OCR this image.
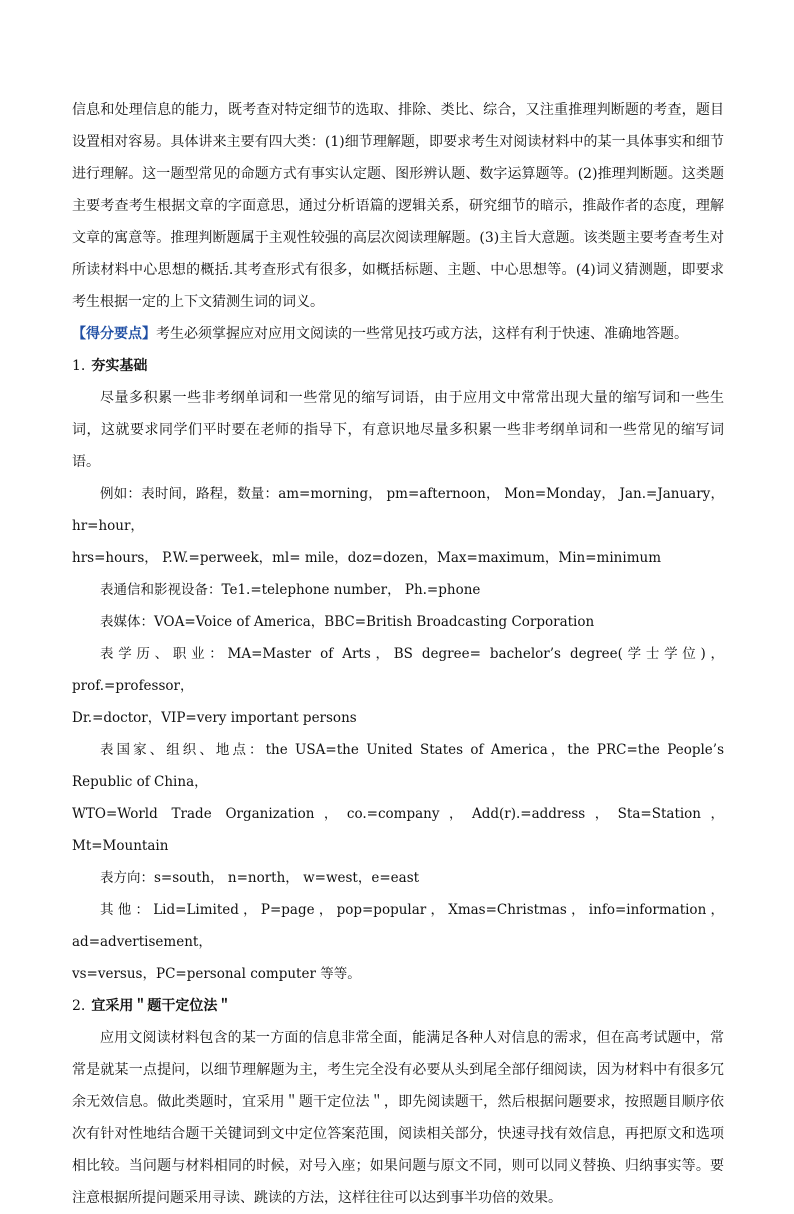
信息和处理信息的能力，既考查对特定细节的选取、排除、类比、综合，又注重推理判断题的考查，题目设置相对容易。具体讲来主要有四大类：(1)细节理解题，即要求考生对阅读材料中的某一具体事实和细节进行理解。这一题型常见的命题方式有事实认定题、图形辨认题、数字运算题等。(2)推理判断题。这类题主要考查考生根据文章的字面意思，通过分析语篇的逻辑关系，研究细节的暗示，推敲作者的态度，理解文章的寓意等。推理判断题属于主观性较强的高层次阅读理解题。(3)主旨大意题。该类题主要考查考生对所读材料中心思想的概括.其考查形式有很多，如概括标题、主题、中心思想等。(4)词义猜测题，即要求考生根据一定的上下文猜测生词的词义。

【得分要点】考生必须掌握应对应用文阅读的一些常见技巧或方法，这样有利于快速、准确地答题。

1. 夯实基础

尽量多积累一些非考纲单词和一些常见的缩写词语，由于应用文中常常出现大量的缩写词和一些生词，这就要求同学们平时要在老师的指导下，有意识地尽量多积累一些非考纲单词和一些常见的缩写词语。

例如：表时间，路程，数量：am=morning， pm=afternoon， Mon=Monday， Jan.=January，hr=hour，

hrs=hours， P.W.=perweek，ml= mile，doz=dozen，Max=maximum，Min=minimum

表通信和影视设备：Te1.=telephone number， Ph.=phone

表媒体：VOA=Voice of America，BBC=British Broadcasting Corporation

表学历、职业：MA=Master of Arts，BS degree= bachelor’s degree(学士学位)，prof.=professor，

Dr.=doctor，VIP=very important persons

表国家、组织、地点：the USA=the United States of America，the PRC=the People’s Republic of China，

WTO=World Trade Organization，co.=company，Add(r).=address，Sta=Station，Mt=Mountain

表方向：s=south， n=north， w=west，e=east

其他：Lid=Limited，P=page，pop=popular，Xmas=Christmas，info=information，ad=advertisement，

vs=versus，PC=personal computer 等等。

2. 宜采用＂题干定位法＂

应用文阅读材料包含的某一方面的信息非常全面，能满足各种人对信息的需求，但在高考试题中，常常是就某一点提问，以细节理解题为主，考生完全没有必要从头到尾全部仔细阅读，因为材料中有很多冗余无效信息。做此类题时，宜采用＂题干定位法＂，即先阅读题干，然后根据问题要求，按照题目顺序依次有针对性地结合题干关键词到文中定位答案范围，阅读相关部分，快速寻找有效信息，再把原文和选项相比较。当问题与材料相同的时候，对号入座；如果问题与原文不同，则可以同义替换、归纳事实等。要注意根据所提问题采用寻读、跳读的方法，这样往往可以达到事半功倍的效果。
